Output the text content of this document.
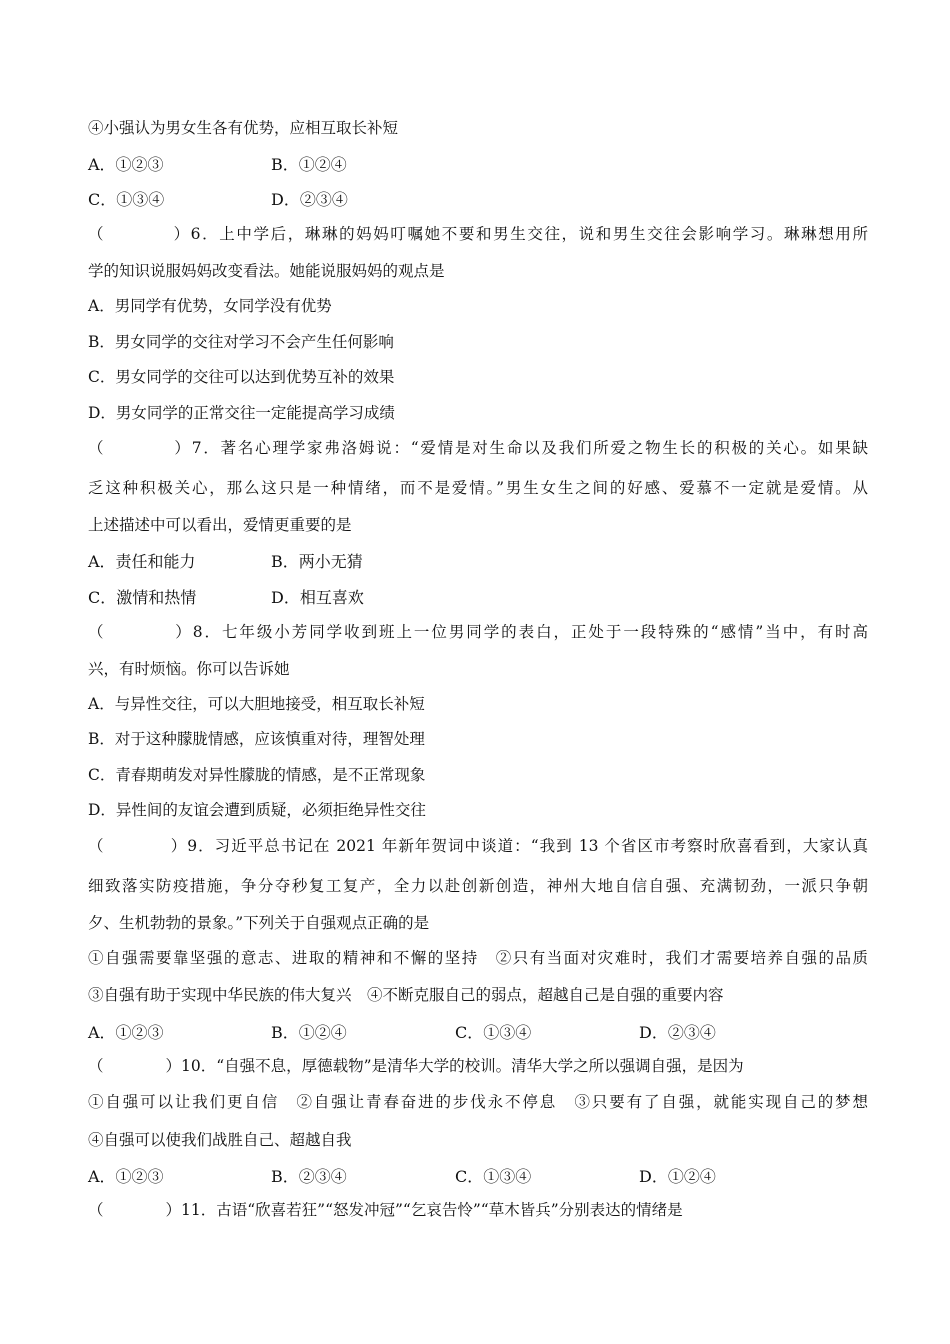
④小强认为男女生各有优势，应相互取长补短
A．①②③	B．①②④
C．①③④	D．②③④
（　　　　）6．上中学后，琳琳的妈妈叮嘱她不要和男生交往，说和男生交往会影响学习。琳琳想用所
学的知识说服妈妈改变看法。她能说服妈妈的观点是
A．男同学有优势，女同学没有优势
B．男女同学的交往对学习不会产生任何影响
C．男女同学的交往可以达到优势互补的效果
D．男女同学的正常交往一定能提高学习成绩
（　　　　）7．著名心理学家弗洛姆说：“爱情是对生命以及我们所爱之物生长的积极的关心。如果缺
乏这种积极关心，那么这只是一种情绪，而不是爱情。”男生女生之间的好感、爱慕不一定就是爱情。从
上述描述中可以看出，爱情更重要的是
A．责任和能力	B．两小无猜
C．激情和热情	D．相互喜欢
（　　　　）8．七年级小芳同学收到班上一位男同学的表白，正处于一段特殊的“感情”当中，有时高
兴，有时烦恼。你可以告诉她
A．与异性交往，可以大胆地接受，相互取长补短
B．对于这种朦胧情感，应该慎重对待，理智处理
C．青春期萌发对异性朦胧的情感，是不正常现象
D．异性间的友谊会遭到质疑，必须拒绝异性交往
（　　　　）9．习近平总书记在 2021 年新年贺词中谈道：“我到 13 个省区市考察时欣喜看到，大家认真
细致落实防疫措施，争分夺秒复工复产，全力以赴创新创造，神州大地自信自强、充满韧劲，一派只争朝
夕、生机勃勃的景象。”下列关于自强观点正确的是
①自强需要靠坚强的意志、进取的精神和不懈的坚持　②只有当面对灾难时，我们才需要培养自强的品质
③自强有助于实现中华民族的伟大复兴　④不断克服自己的弱点，超越自己是自强的重要内容
A．①②③	B．①②④	C．①③④	D．②③④
（　　　　）10．“自强不息，厚德载物”是清华大学的校训。清华大学之所以强调自强，是因为
①自强可以让我们更自信　②自强让青春奋进的步伐永不停息　③只要有了自强，就能实现自己的梦想
④自强可以使我们战胜自己、超越自我
A．①②③	B．②③④	C．①③④	D．①②④
（　　　　）11．古语“欣喜若狂”“怒发冲冠”“乞哀告怜”“草木皆兵”分别表达的情绪是
